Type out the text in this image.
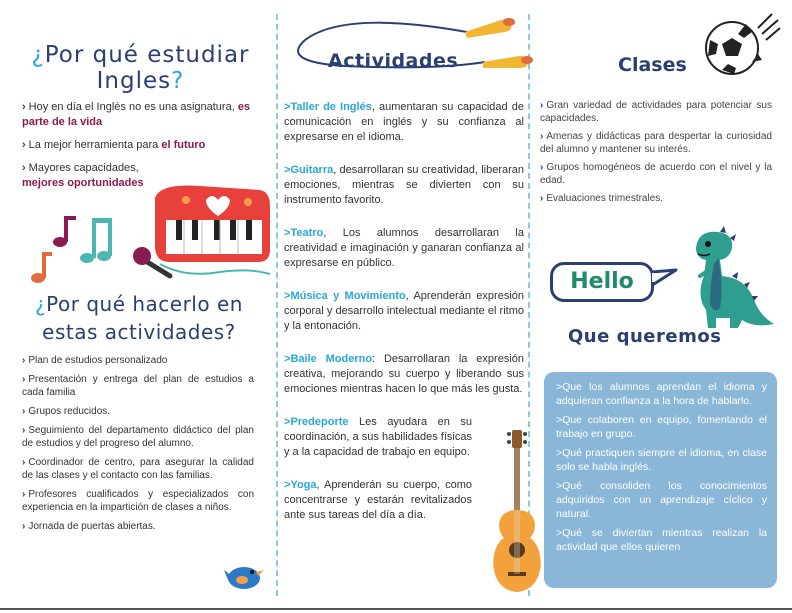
¿Por qué estudiar Ingles?
› Hoy en día el Inglés no es una asignatura, es parte de la vida
› La mejor herramienta para el futuro
› Mayores capacidades,
mejores oportunidades
¿Por qué hacerlo en estas actividades?
› Plan de estudios personalizado
› Presentación y entrega del plan de estudios a cada familia
› Grupos reducidos.
› Seguimiento del departamento didáctico del plan de estudios y del progreso del alumno.
› Coordinador de centro, para asegurar la calidad de las clases y el contacto con las familias.
› Profesores cualificados y especializados con experiencia en la impartición de clases a niños.
› Jornada de puertas abiertas.
Actividades
>Taller de Inglés, aumentaran su capacidad de comunicación en inglés y su confianza al expresarse en el idioma.
>Guitarra, desarrollaran su creatividad, liberaran emociones, mientras se divierten con su instrumento favorito.
>Teatro, Los alumnos desarrollaran la creatividad e imaginación y ganaran confianza al expresarse en público.
>Música y Movimiento, Aprenderán expresión corporal y desarrollo intelectual mediante el ritmo y la entonación.
>Baile Moderno: Desarrollaran la expresión creativa, mejorando su cuerpo y liberando sus emociones mientras hacen lo que más les gusta.
>Predeporte Les ayudara en su coordinación, a sus habilidades físicas y a la capacidad de trabajo en equipo.
>Yoga, Aprenderán su cuerpo, como concentrarse y estarán revitalizados ante sus tareas del día a día.
Clases
› Gran variedad de actividades para potenciar sus capacidades.
› Amenas y didácticas para despertar la curiosidad del alumno y mantener su interés.
› Grupos homogéneos de acuerdo con el nivel y la edad.
› Evaluaciones trimestrales.
Hello
Que queremos
>Que los alumnos aprendan el idioma y adquieran confianza a la hora de hablarlo.
>Que colaboren en equipo, fomentando el trabajo en grupo.
>Qué practiquen siempre el idioma, en clase solo se habla inglés.
>Qué consoliden los conocimientos adquiridos con un aprendizaje cíclico y natural.
>Qué se diviertan mientras realizan la actividad que ellos quieren
